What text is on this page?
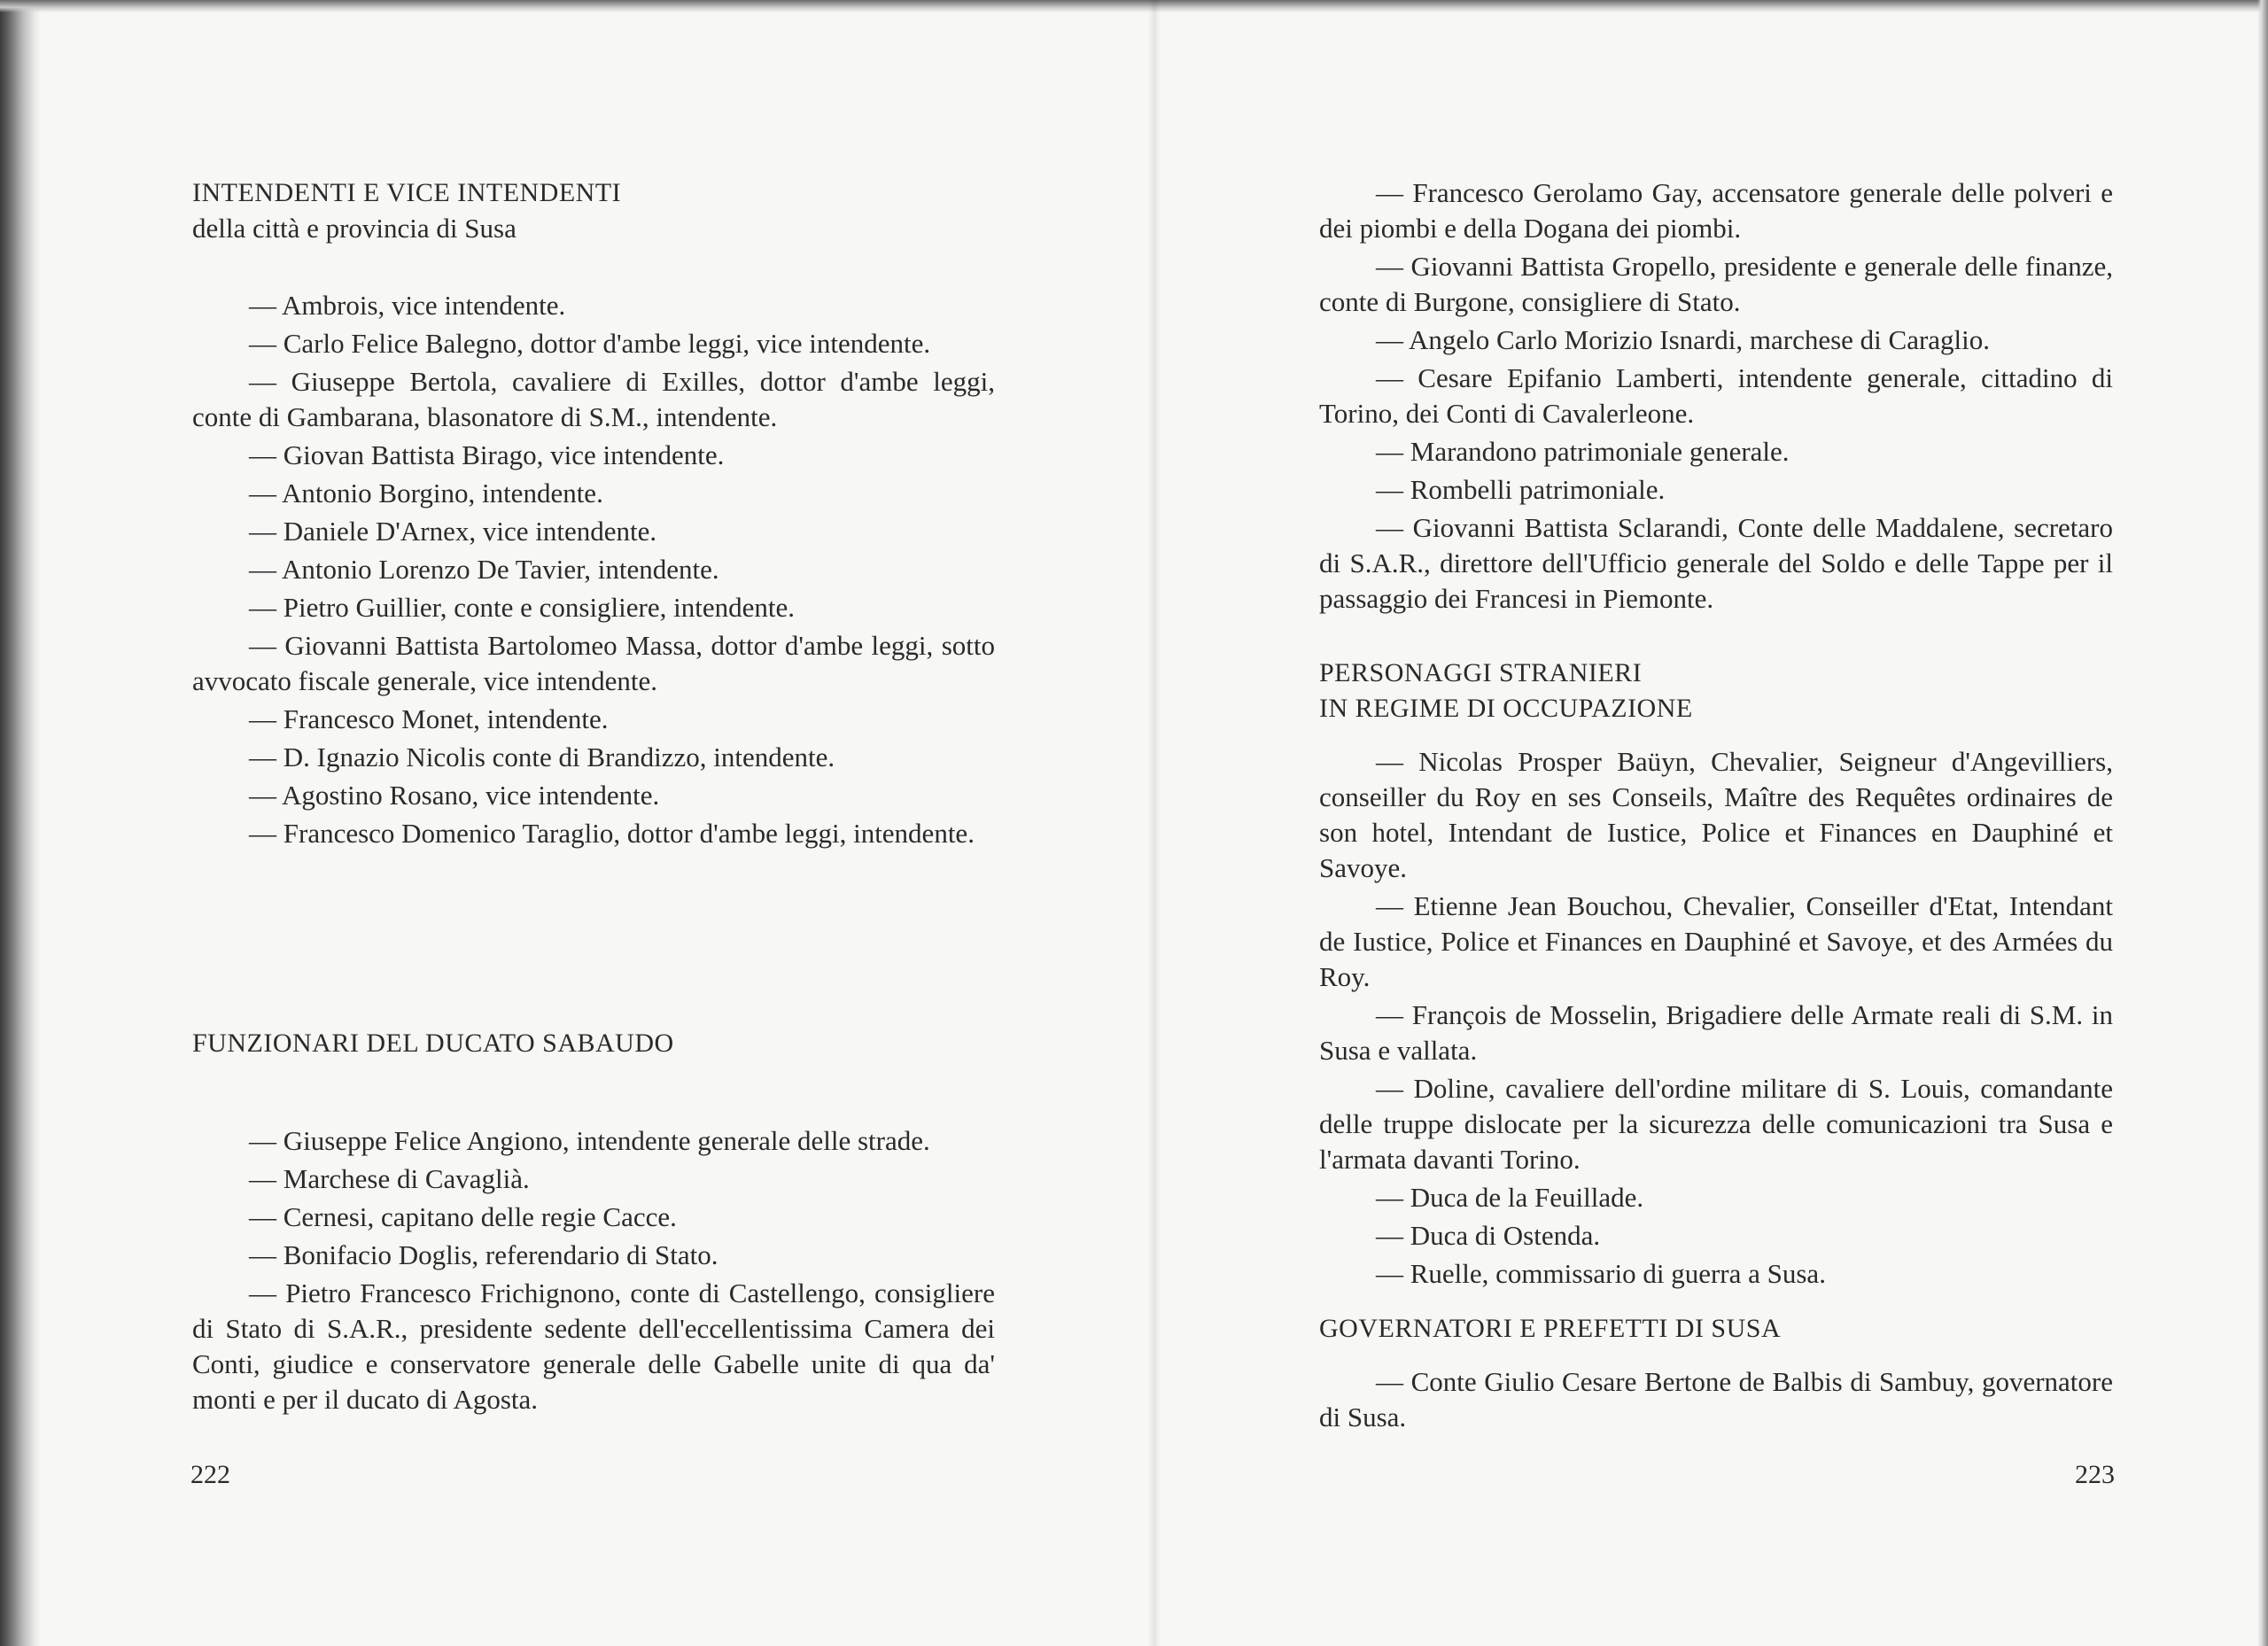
INTENDENTI E VICE INTENDENTI

della città e provincia di Susa

— Ambrois, vice intendente.

— Carlo Felice Balegno, dottor d'ambe leggi, vice intendente.

— Giuseppe Bertola, cavaliere di Exilles, dottor d'ambe leggi, conte di Gambarana, blasonatore di S.M., intendente.

— Giovan Battista Birago, vice intendente.

— Antonio Borgino, intendente.

— Daniele D'Arnex, vice intendente.

— Antonio Lorenzo De Tavier, intendente.

— Pietro Guillier, conte e consigliere, intendente.

— Giovanni Battista Bartolomeo Massa, dottor d'ambe leggi, sotto avvocato fiscale generale, vice intendente.

— Francesco Monet, intendente.

— D. Ignazio Nicolis conte di Brandizzo, intendente.

— Agostino Rosano, vice intendente.

— Francesco Domenico Taraglio, dottor d'ambe leggi, intendente.

FUNZIONARI DEL DUCATO SABAUDO

— Giuseppe Felice Angiono, intendente generale delle strade.

— Marchese di Cavaglià.

— Cernesi, capitano delle regie Cacce.

— Bonifacio Doglis, referendario di Stato.

— Pietro Francesco Frichignono, conte di Castellengo, consigliere di Stato di S.A.R., presidente sedente dell'eccellentissima Camera dei Conti, giudice e conservatore generale delle Gabelle unite di qua da' monti e per il ducato di Agosta.

222

— Francesco Gerolamo Gay, accensatore generale delle polveri e dei piombi e della Dogana dei piombi.

— Giovanni Battista Gropello, presidente e generale delle finanze, conte di Burgone, consigliere di Stato.

— Angelo Carlo Morizio Isnardi, marchese di Caraglio.

— Cesare Epifanio Lamberti, intendente generale, cittadino di Torino, dei Conti di Cavalerleone.

— Marandono patrimoniale generale.

— Rombelli patrimoniale.

— Giovanni Battista Sclarandi, Conte delle Maddalene, secretaro di S.A.R., direttore dell'Ufficio generale del Soldo e delle Tappe per il passaggio dei Francesi in Piemonte.

PERSONAGGI STRANIERI

IN REGIME DI OCCUPAZIONE

— Nicolas Prosper Baüyn, Chevalier, Seigneur d'Angevilliers, conseiller du Roy en ses Conseils, Maître des Requêtes ordinaires de son hotel, Intendant de Iustice, Police et Finances en Dauphiné et Savoye.

— Etienne Jean Bouchou, Chevalier, Conseiller d'Etat, Intendant de Iustice, Police et Finances en Dauphiné et Savoye, et des Armées du Roy.

— François de Mosselin, Brigadiere delle Armate reali di S.M. in Susa e vallata.

— Doline, cavaliere dell'ordine militare di S. Louis, comandante delle truppe dislocate per la sicurezza delle comunicazioni tra Susa e l'armata davanti Torino.

— Duca de la Feuillade.

— Duca di Ostenda.

— Ruelle, commissario di guerra a Susa.

GOVERNATORI E PREFETTI DI SUSA

— Conte Giulio Cesare Bertone de Balbis di Sambuy, governatore di Susa.

223
